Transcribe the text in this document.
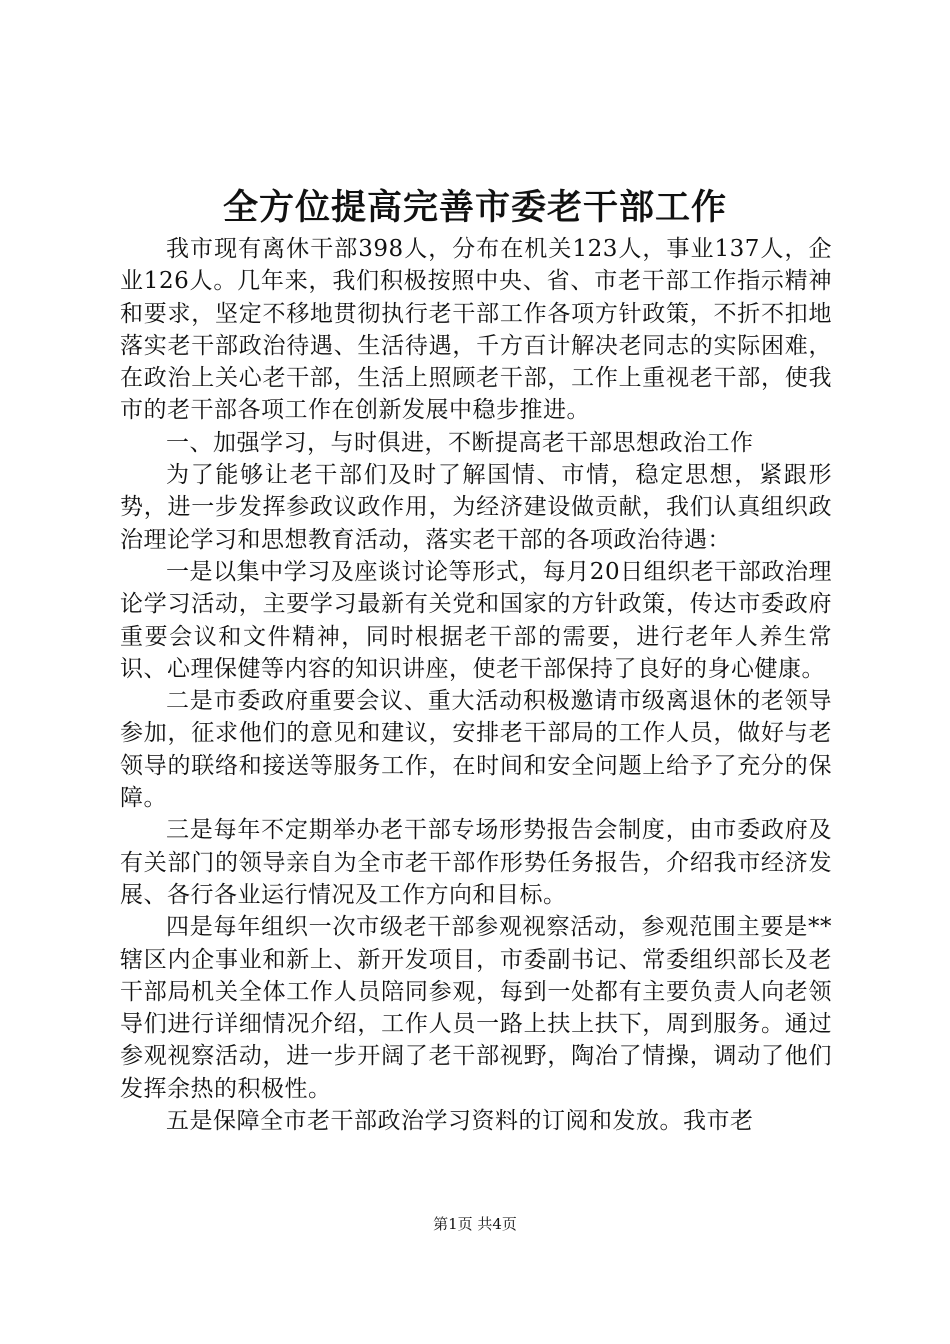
全方位提高完善市委老干部工作

我市现有离休干部398人，分布在机关123人，事业137人，企业126人。几年来，我们积极按照中央、省、市老干部工作指示精神和要求，坚定不移地贯彻执行老干部工作各项方针政策，不折不扣地落实老干部政治待遇、生活待遇，千方百计解决老同志的实际困难，在政治上关心老干部，生活上照顾老干部，工作上重视老干部，使我市的老干部各项工作在创新发展中稳步推进。

一、加强学习，与时俱进，不断提高老干部思想政治工作

为了能够让老干部们及时了解国情、市情，稳定思想，紧跟形势，进一步发挥参政议政作用，为经济建设做贡献，我们认真组织政治理论学习和思想教育活动，落实老干部的各项政治待遇：

一是以集中学习及座谈讨论等形式，每月20日组织老干部政治理论学习活动，主要学习最新有关党和国家的方针政策，传达市委政府重要会议和文件精神，同时根据老干部的需要，进行老年人养生常识、心理保健等内容的知识讲座，使老干部保持了良好的身心健康。

二是市委政府重要会议、重大活动积极邀请市级离退休的老领导参加，征求他们的意见和建议，安排老干部局的工作人员，做好与老领导的联络和接送等服务工作，在时间和安全问题上给予了充分的保障。

三是每年不定期举办老干部专场形势报告会制度，由市委政府及有关部门的领导亲自为全市老干部作形势任务报告，介绍我市经济发展、各行各业运行情况及工作方向和目标。

四是每年组织一次市级老干部参观视察活动，参观范围主要是**辖区内企事业和新上、新开发项目，市委副书记、常委组织部长及老干部局机关全体工作人员陪同参观，每到一处都有主要负责人向老领导们进行详细情况介绍，工作人员一路上扶上扶下，周到服务。通过参观视察活动，进一步开阔了老干部视野，陶冶了情操，调动了他们发挥余热的积极性。

五是保障全市老干部政治学习资料的订阅和发放。我市老

第1页 共4页
